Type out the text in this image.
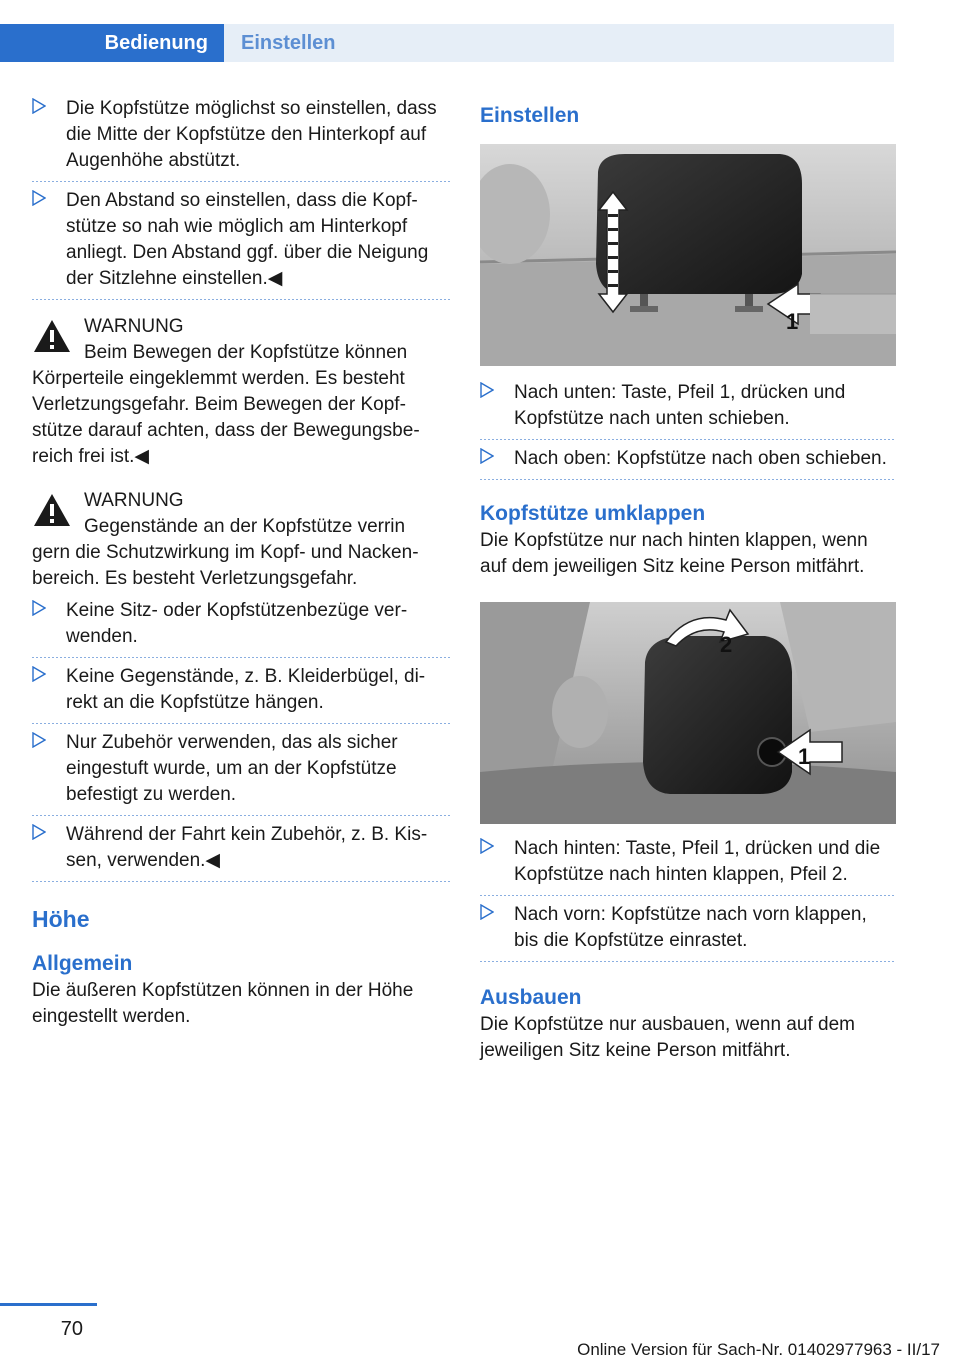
Bedienung	Einstellen
Die Kopfstütze möglichst so einstellen, dass die Mitte der Kopfstütze den Hinterkopf auf Augenhöhe abstützt.
Den Abstand so einstellen, dass die Kopfstütze so nah wie möglich am Hinterkopf anliegt. Den Abstand ggf. über die Neigung der Sitzlehne einstellen.◀
WARNUNG
Beim Bewegen der Kopfstütze können
Körperteile eingeklemmt werden. Es besteht Verletzungsgefahr. Beim Bewegen der Kopfstütze darauf achten, dass der Bewegungsbereich frei ist.◀
WARNUNG
Gegenstände an der Kopfstütze verrin
gern die Schutzwirkung im Kopf- und Nackenbereich. Es besteht Verletzungsgefahr.
Keine Sitz- oder Kopfstützenbezüge verwenden.
Keine Gegenstände, z. B. Kleiderbügel, direkt an die Kopfstütze hängen.
Nur Zubehör verwenden, das als sicher eingestuft wurde, um an der Kopfstütze befestigt zu werden.
Während der Fahrt kein Zubehör, z. B. Kissen, verwenden.◀
Höhe
Allgemein
Die äußeren Kopfstützen können in der Höhe eingestellt werden.
Einstellen
1
Nach unten: Taste, Pfeil 1, drücken und Kopfstütze nach unten schieben.
Nach oben: Kopfstütze nach oben schieben.
Kopfstütze umklappen
Die Kopfstütze nur nach hinten klappen, wenn auf dem jeweiligen Sitz keine Person mitfährt.
2
1
Nach hinten: Taste, Pfeil 1, drücken und die Kopfstütze nach hinten klappen, Pfeil 2.
Nach vorn: Kopfstütze nach vorn klappen, bis die Kopfstütze einrastet.
Ausbauen
Die Kopfstütze nur ausbauen, wenn auf dem jeweiligen Sitz keine Person mitfährt.
70
Online Version für Sach-Nr. 01402977963 - II/17
